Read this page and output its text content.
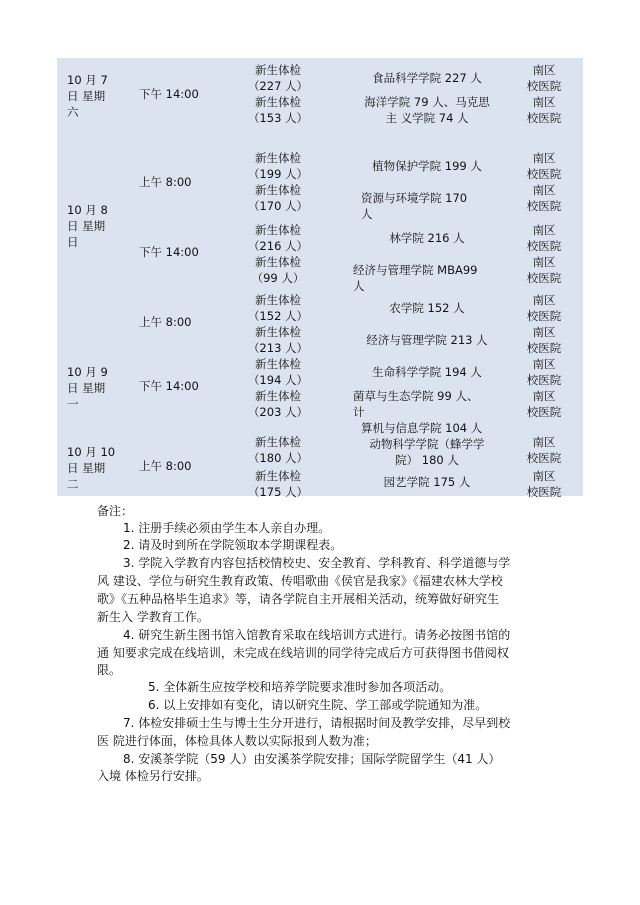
10 月 7
日 星期
六
下午 14:00
新生体检
（227 人）
食品科学学院 227 人
南区
校医院
新生体检
（153 人）
海洋学院 79 人、马克思
主 义学院 74 人
南区
校医院
10 月 8
日 星期
日
上午 8:00
新生体检
（199 人）
植物保护学院 199 人
南区
校医院
新生体检
（170 人）
资源与环境学院 170
人
南区
校医院
下午 14:00
新生体检
（216 人）
林学院 216 人
南区
校医院
新生体检
（99 人）
经济与管理学院 MBA99
人
南区
校医院
10 月 9
日 星期
一
上午 8:00
新生体检
（152 人）
农学院 152 人
南区
校医院
新生体检
（213 人）
经济与管理学院 213 人
南区
校医院
下午 14:00
新生体检
（194 人）
生命科学学院 194 人
南区
校医院
新生体检
（203 人）
菌草与生态学院 99 人、
计
算机与信息学院 104 人
南区
校医院
10 月 10
日 星期
二
上午 8:00
新生体检
（180 人）
动物科学学院（蜂学学
院） 180 人
南区
校医院
新生体检
（175 人）
园艺学院 175 人	南区
校医院
备注：
1. 注册手续必须由学生本人亲自办理。
2. 请及时到所在学院领取本学期课程表。
3. 学院入学教育内容包括校情校史、安全教育、学科教育、科学道德与学
风 建设、学位与研究生教育政策、传唱歌曲《侯官是我家》《福建农林大学校
歌》《五种品格毕生追求》等，请各学院自主开展相关活动，统筹做好研究生
新生入 学教育工作。
4. 研究生新生图书馆入馆教育采取在线培训方式进行。请务必按图书馆的
通 知要求完成在线培训，未完成在线培训的同学待完成后方可获得图书借阅权
限。
5. 全体新生应按学校和培养学院要求准时参加各项活动。
6. 以上安排如有变化，请以研究生院、学工部或学院通知为准。
7. 体检安排硕士生与博士生分开进行，请根据时间及教学安排，尽早到校
医 院进行体面，体检具体人数以实际报到人数为准；
8. 安溪茶学院（59 人）由安溪茶学院安排；国际学院留学生（41 人）
入境 体检另行安排。
